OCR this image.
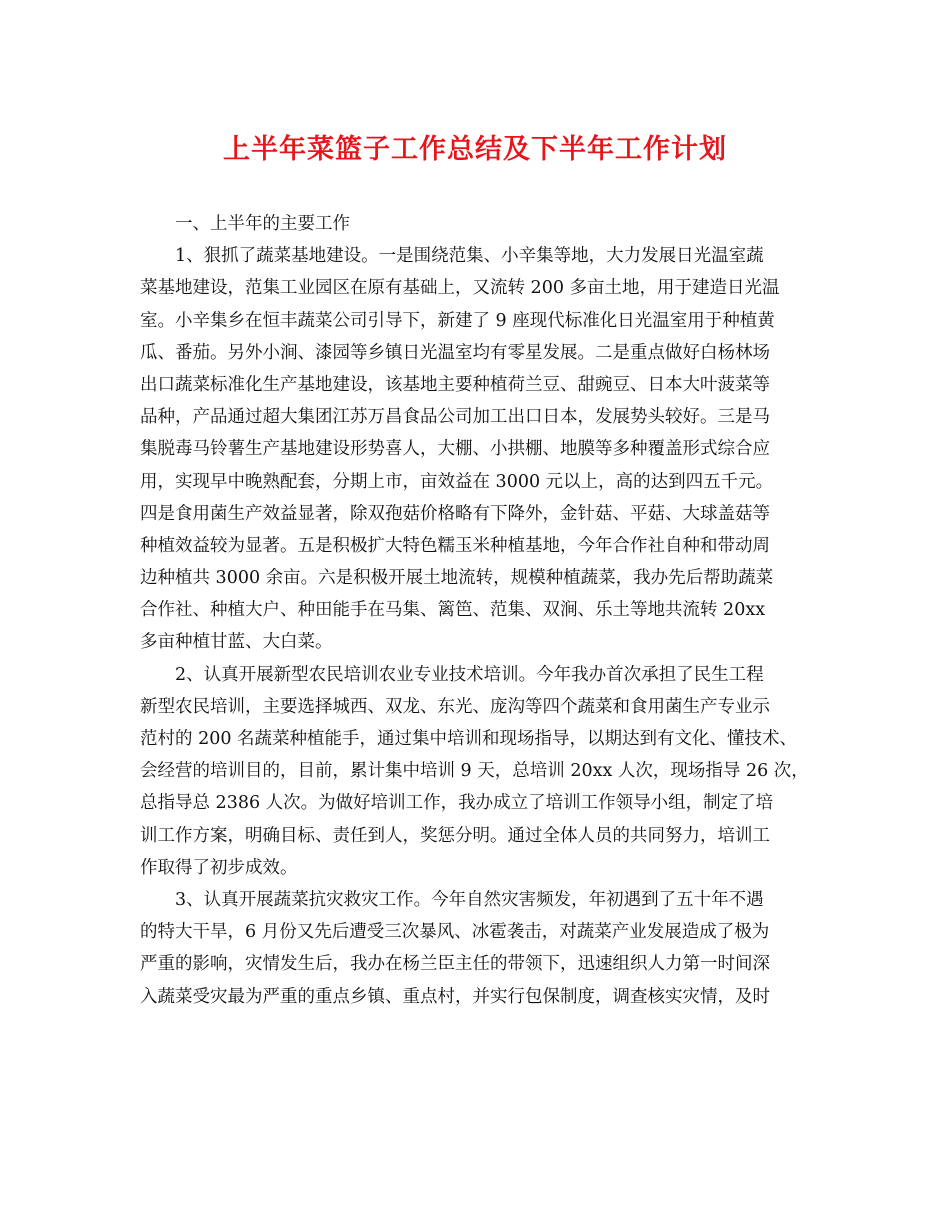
上半年菜篮子工作总结及下半年工作计划
一、上半年的主要工作
1、狠抓了蔬菜基地建设。一是围绕范集、小辛集等地，大力发展日光温室蔬
菜基地建设，范集工业园区在原有基础上，又流转 200 多亩土地，用于建造日光温
室。小辛集乡在恒丰蔬菜公司引导下，新建了 9 座现代标准化日光温室用于种植黄
瓜、番茄。另外小涧、漆园等乡镇日光温室均有零星发展。二是重点做好白杨林场
出口蔬菜标准化生产基地建设，该基地主要种植荷兰豆、甜豌豆、日本大叶菠菜等
品种，产品通过超大集团江苏万昌食品公司加工出口日本，发展势头较好。三是马
集脱毒马铃薯生产基地建设形势喜人，大棚、小拱棚、地膜等多种覆盖形式综合应
用，实现早中晚熟配套，分期上市，亩效益在 3000 元以上，高的达到四五千元。
四是食用菌生产效益显著，除双孢菇价格略有下降外，金针菇、平菇、大球盖菇等
种植效益较为显著。五是积极扩大特色糯玉米种植基地，今年合作社自种和带动周
边种植共 3000 余亩。六是积极开展土地流转，规模种植蔬菜，我办先后帮助蔬菜
合作社、种植大户、种田能手在马集、篱笆、范集、双涧、乐土等地共流转 20xx
多亩种植甘蓝、大白菜。
2、认真开展新型农民培训农业专业技术培训。今年我办首次承担了民生工程
新型农民培训，主要选择城西、双龙、东光、庞沟等四个蔬菜和食用菌生产专业示
范村的 200 名蔬菜种植能手，通过集中培训和现场指导，以期达到有文化、懂技术、
会经营的培训目的，目前，累计集中培训 9 天，总培训 20xx 人次，现场指导 26 次，
总指导总 2386 人次。为做好培训工作，我办成立了培训工作领导小组，制定了培
训工作方案，明确目标、责任到人，奖惩分明。通过全体人员的共同努力，培训工
作取得了初步成效。
3、认真开展蔬菜抗灾救灾工作。今年自然灾害频发，年初遇到了五十年不遇
的特大干旱，6 月份又先后遭受三次暴风、冰雹袭击，对蔬菜产业发展造成了极为
严重的影响，灾情发生后，我办在杨兰臣主任的带领下，迅速组织人力第一时间深
入蔬菜受灾最为严重的重点乡镇、重点村，并实行包保制度，调查核实灾情，及时
